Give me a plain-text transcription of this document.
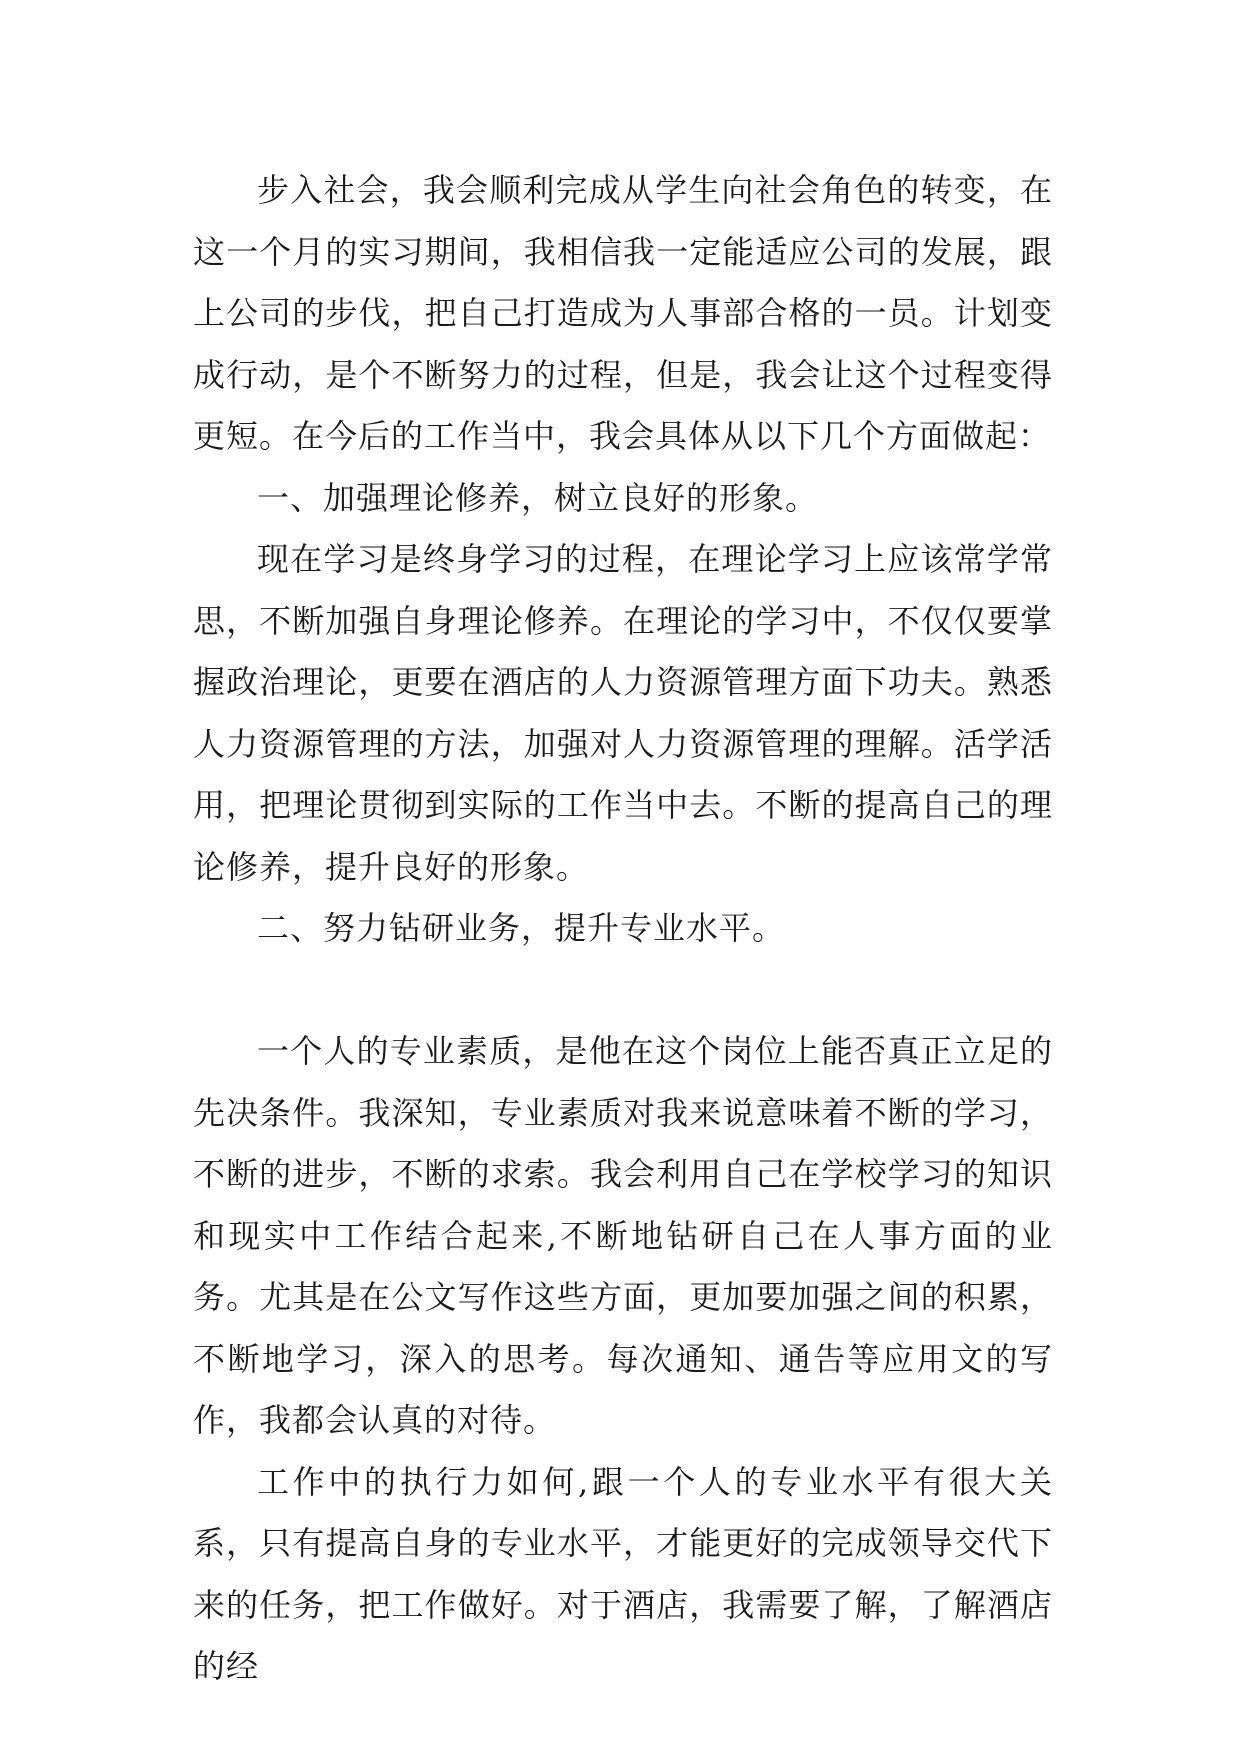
步入社会，我会顺利完成从学生向社会角色的转变，在这一个月的实习期间，我相信我一定能适应公司的发展，跟上公司的步伐，把自己打造成为人事部合格的一员。计划变成行动，是个不断努力的过程，但是，我会让这个过程变得更短。在今后的工作当中，我会具体从以下几个方面做起：

一、加强理论修养，树立良好的形象。

现在学习是终身学习的过程，在理论学习上应该常学常思，不断加强自身理论修养。在理论的学习中，不仅仅要掌握政治理论，更要在酒店的人力资源管理方面下功夫。熟悉人力资源管理的方法，加强对人力资源管理的理解。活学活用，把理论贯彻到实际的工作当中去。不断的提高自己的理论修养，提升良好的形象。

二、努力钻研业务，提升专业水平。

一个人的专业素质，是他在这个岗位上能否真正立足的先决条件。我深知，专业素质对我来说意味着不断的学习，不断的进步，不断的求索。我会利用自己在学校学习的知识和现实中工作结合起来,不断地钻研自己在人事方面的业务。尤其是在公文写作这些方面，更加要加强之间的积累，不断地学习，深入的思考。每次通知、通告等应用文的写作，我都会认真的对待。

工作中的执行力如何,跟一个人的专业水平有很大关系，只有提高自身的专业水平，才能更好的完成领导交代下来的任务，把工作做好。对于酒店，我需要了解，了解酒店的经
